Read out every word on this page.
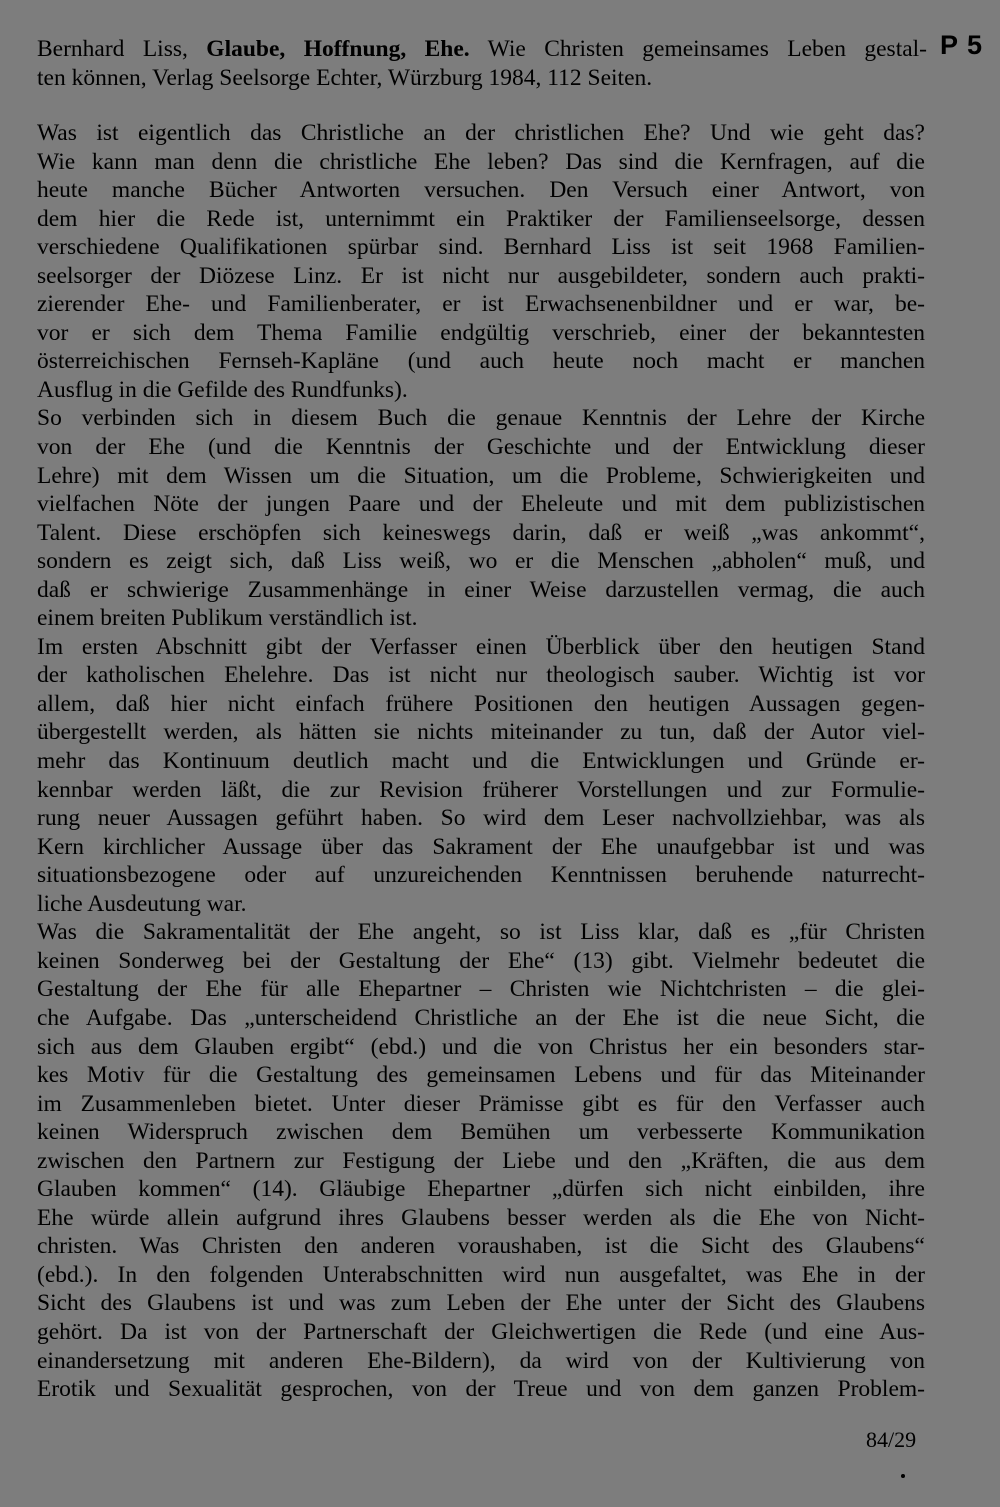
P 5
Bernhard Liss, Glaube, Hoffnung, Ehe. Wie Christen gemeinsames Leben gestal-
ten können, Verlag Seelsorge Echter, Würzburg 1984, 112 Seiten.
Was ist eigentlich das Christliche an der christlichen Ehe? Und wie geht das?
Wie kann man denn die christliche Ehe leben? Das sind die Kernfragen, auf die
heute manche Bücher Antworten versuchen. Den Versuch einer Antwort, von
dem hier die Rede ist, unternimmt ein Praktiker der Familienseelsorge, dessen
verschiedene Qualifikationen spürbar sind. Bernhard Liss ist seit 1968 Familien-
seelsorger der Diözese Linz. Er ist nicht nur ausgebildeter, sondern auch prakti-
zierender Ehe- und Familienberater, er ist Erwachsenenbildner und er war, be-
vor er sich dem Thema Familie endgültig verschrieb, einer der bekanntesten
österreichischen Fernseh-Kapläne (und auch heute noch macht er manchen
Ausflug in die Gefilde des Rundfunks).
So verbinden sich in diesem Buch die genaue Kenntnis der Lehre der Kirche
von der Ehe (und die Kenntnis der Geschichte und der Entwicklung dieser
Lehre) mit dem Wissen um die Situation, um die Probleme, Schwierigkeiten und
vielfachen Nöte der jungen Paare und der Eheleute und mit dem publizistischen
Talent. Diese erschöpfen sich keineswegs darin, daß er weiß „was ankommt“,
sondern es zeigt sich, daß Liss weiß, wo er die Menschen „abholen“ muß, und
daß er schwierige Zusammenhänge in einer Weise darzustellen vermag, die auch
einem breiten Publikum verständlich ist.
Im ersten Abschnitt gibt der Verfasser einen Überblick über den heutigen Stand
der katholischen Ehelehre. Das ist nicht nur theologisch sauber. Wichtig ist vor
allem, daß hier nicht einfach frühere Positionen den heutigen Aussagen gegen-
übergestellt werden, als hätten sie nichts miteinander zu tun, daß der Autor viel-
mehr das Kontinuum deutlich macht und die Entwicklungen und Gründe er-
kennbar werden läßt, die zur Revision früherer Vorstellungen und zur Formulie-
rung neuer Aussagen geführt haben. So wird dem Leser nachvollziehbar, was als
Kern kirchlicher Aussage über das Sakrament der Ehe unaufgebbar ist und was
situationsbezogene oder auf unzureichenden Kenntnissen beruhende naturrecht-
liche Ausdeutung war.
Was die Sakramentalität der Ehe angeht, so ist Liss klar, daß es „für Christen
keinen Sonderweg bei der Gestaltung der Ehe“ (13) gibt. Vielmehr bedeutet die
Gestaltung der Ehe für alle Ehepartner – Christen wie Nichtchristen – die glei-
che Aufgabe. Das „unterscheidend Christliche an der Ehe ist die neue Sicht, die
sich aus dem Glauben ergibt“ (ebd.) und die von Christus her ein besonders star-
kes Motiv für die Gestaltung des gemeinsamen Lebens und für das Miteinander
im Zusammenleben bietet. Unter dieser Prämisse gibt es für den Verfasser auch
keinen Widerspruch zwischen dem Bemühen um verbesserte Kommunikation
zwischen den Partnern zur Festigung der Liebe und den „Kräften, die aus dem
Glauben kommen“ (14). Gläubige Ehepartner „dürfen sich nicht einbilden, ihre
Ehe würde allein aufgrund ihres Glaubens besser werden als die Ehe von Nicht-
christen. Was Christen den anderen voraushaben, ist die Sicht des Glaubens“
(ebd.). In den folgenden Unterabschnitten wird nun ausgefaltet, was Ehe in der
Sicht des Glaubens ist und was zum Leben der Ehe unter der Sicht des Glaubens
gehört. Da ist von der Partnerschaft der Gleichwertigen die Rede (und eine Aus-
einandersetzung mit anderen Ehe-Bildern), da wird von der Kultivierung von
Erotik und Sexualität gesprochen, von der Treue und von dem ganzen Problem-
84/29
